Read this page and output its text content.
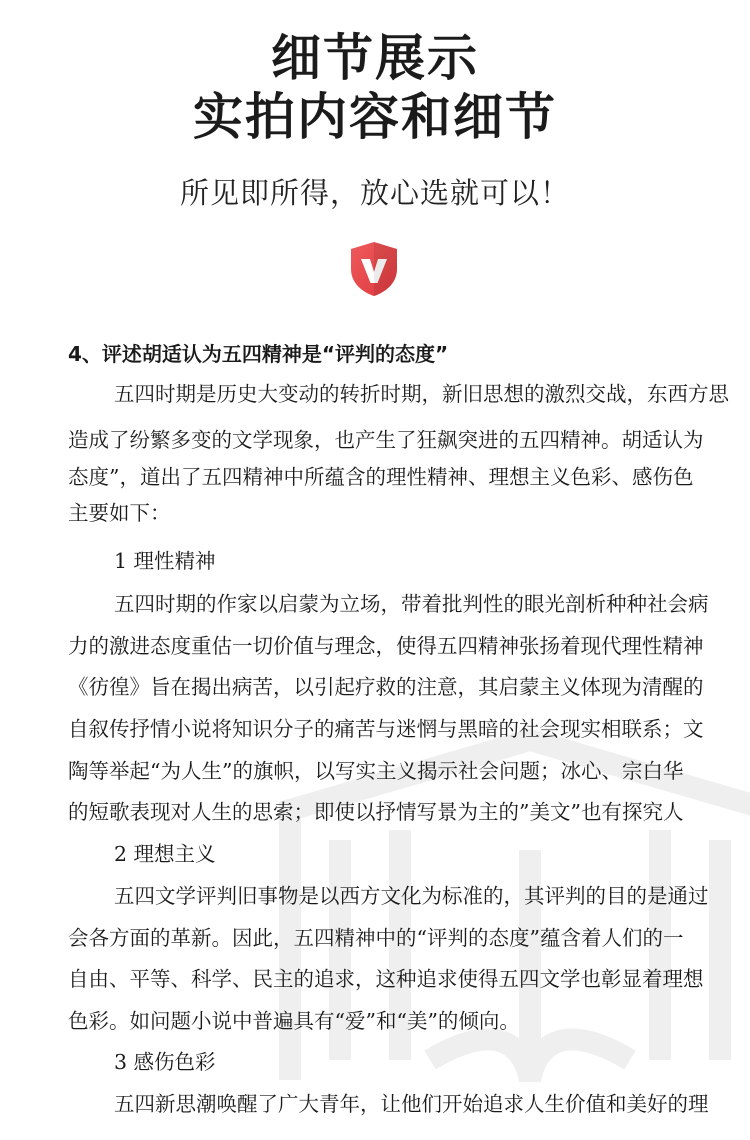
细节展示
实拍内容和细节
所见即所得，放心选就可以！
4、评述胡适认为五四精神是“评判的态度”
五四时期是历史大变动的转折时期，新旧思想的激烈交战，东西方思
造成了纷繁多变的文学现象，也产生了狂飙突进的五四精神。胡适认为
态度”，道出了五四精神中所蕴含的理性精神、理想主义色彩、感伤色
主要如下：
1 理性精神
五四时期的作家以启蒙为立场，带着批判性的眼光剖析种种社会病
力的激进态度重估一切价值与理念，使得五四精神张扬着现代理性精神
《彷徨》旨在揭出病苦，以引起疗救的注意，其启蒙主义体现为清醒的
自叙传抒情小说将知识分子的痛苦与迷惘与黑暗的社会现实相联系；文
陶等举起“为人生”的旗帜，以写实主义揭示社会问题；冰心、宗白华
的短歌表现对人生的思索；即使以抒情写景为主的”美文”也有探究人
2 理想主义
五四文学评判旧事物是以西方文化为标准的，其评判的目的是通过
会各方面的革新。因此，五四精神中的“评判的态度”蕴含着人们的一
自由、平等、科学、民主的追求，这种追求使得五四文学也彰显着理想
色彩。如问题小说中普遍具有“爱”和“美”的倾向。
3 感伤色彩
五四新思潮唤醒了广大青年，让他们开始追求人生价值和美好的理
